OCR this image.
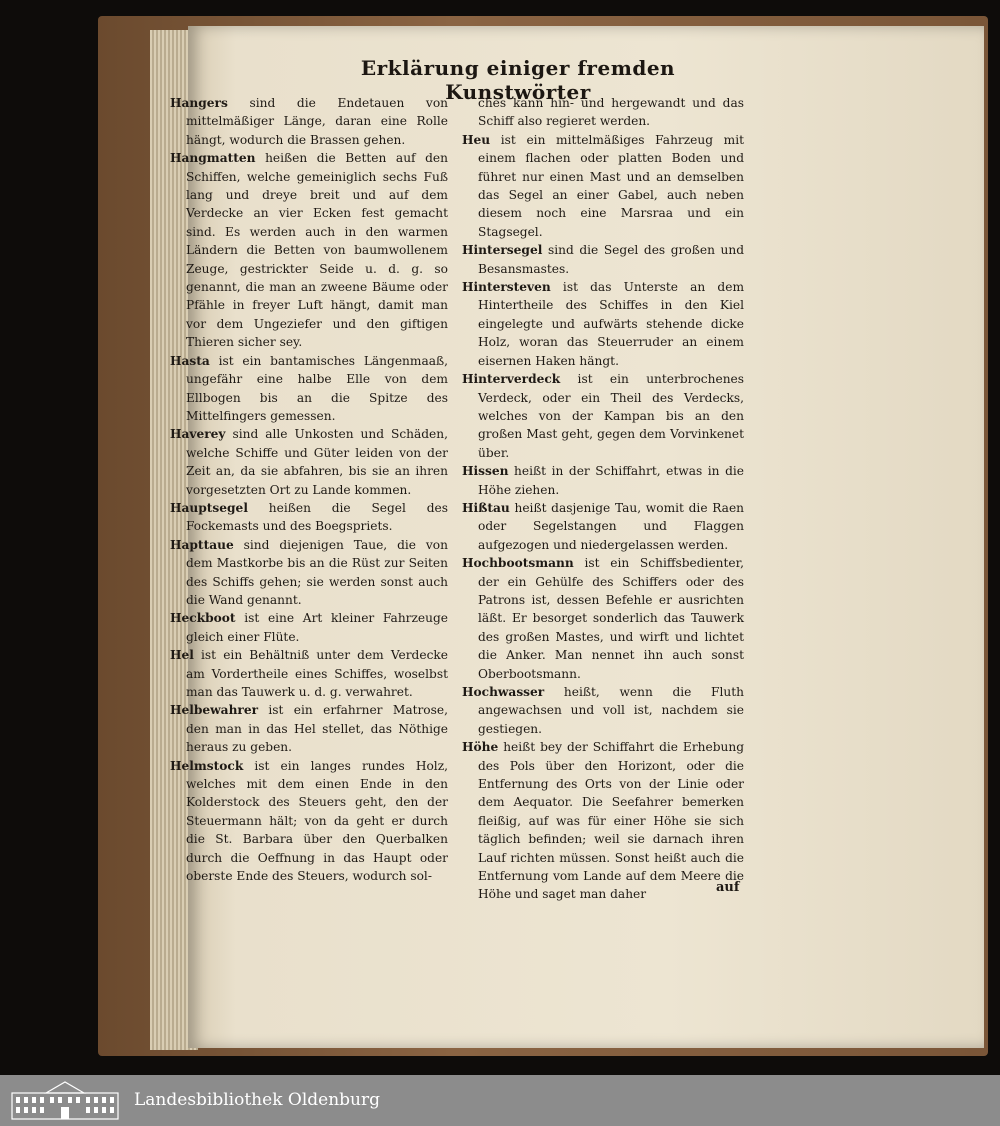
Erklärung einiger fremden Kunstwörter
Hangers sind die Endetauen von mittelmäßiger Länge, daran eine Rolle hängt, wodurch die Brassen gehen.
Hangmatten heißen die Betten auf den Schiffen, welche gemeiniglich sechs Fuß lang und dreye breit und auf dem Verdecke an vier Ecken fest gemacht sind. Es werden auch in den warmen Ländern die Betten von baumwollenem Zeuge, gestrickter Seide u. d. g. so genannt, die man an zweene Bäume oder Pfähle in freyer Luft hängt, damit man vor dem Ungeziefer und den giftigen Thieren sicher sey.
Hasta ist ein bantamisches Längenmaaß, ungefähr eine halbe Elle von dem Ellbogen bis an die Spitze des Mittelfingers gemessen.
Haverey sind alle Unkosten und Schäden, welche Schiffe und Güter leiden von der Zeit an, da sie abfahren, bis sie an ihren vorgesetzten Ort zu Lande kommen.
Hauptsegel heißen die Segel des Fockemasts und des Boegspriets.
Hapttaue sind diejenigen Taue, die von dem Mastkorbe bis an die Rüst zur Seiten des Schiffs gehen; sie werden sonst auch die Wand genannt.
Heckboot ist eine Art kleiner Fahrzeuge gleich einer Flüte.
Hel ist ein Behältniß unter dem Verdecke am Vordertheile eines Schiffes, woselbst man das Tauwerk u. d. g. verwahret.
Helbewahrer ist ein erfahrner Matrose, den man in das Hel stellet, das Nöthige heraus zu geben.
Helmstock ist ein langes rundes Holz, welches mit dem einen Ende in den Kolderstock des Steuers geht, den der Steuermann hält; von da geht er durch die St. Barbara über den Querbalken durch die Oeffnung in das Haupt oder oberste Ende des Steuers, wodurch sol-
ches kann hin- und hergewandt und das Schiff also regieret werden.
Heu ist ein mittelmäßiges Fahrzeug mit einem flachen oder platten Boden und führet nur einen Mast und an demselben das Segel an einer Gabel, auch neben diesem noch eine Marsraa und ein Stagsegel.
Hintersegel sind die Segel des großen und Besansmastes.
Hintersteven ist das Unterste an dem Hintertheile des Schiffes in den Kiel eingelegte und aufwärts stehende dicke Holz, woran das Steuerruder an einem eisernen Haken hängt.
Hinterverdeck ist ein unterbrochenes Verdeck, oder ein Theil des Verdecks, welches von der Kampan bis an den großen Mast geht, gegen dem Vorvinkenet über.
Hissen heißt in der Schiffahrt, etwas in die Höhe ziehen.
Hißtau heißt dasjenige Tau, womit die Raen oder Segelstangen und Flaggen aufgezogen und niedergelassen werden.
Hochbootsmann ist ein Schiffsbedienter, der ein Gehülfe des Schiffers oder des Patrons ist, dessen Befehle er ausrichten läßt. Er besorget sonderlich das Tauwerk des großen Mastes, und wirft und lichtet die Anker. Man nennet ihn auch sonst Oberbootsmann.
Hochwasser heißt, wenn die Fluth angewachsen und voll ist, nachdem sie gestiegen.
Höhe heißt bey der Schiffahrt die Erhebung des Pols über den Horizont, oder die Entfernung des Orts von der Linie oder dem Aequator. Die Seefahrer bemerken fleißig, auf was für einer Höhe sie sich täglich befinden; weil sie darnach ihren Lauf richten müssen. Sonst heißt auch die Entfernung vom Lande auf dem Meere die Höhe und saget man daher	auf
Landesbibliothek Oldenburg
